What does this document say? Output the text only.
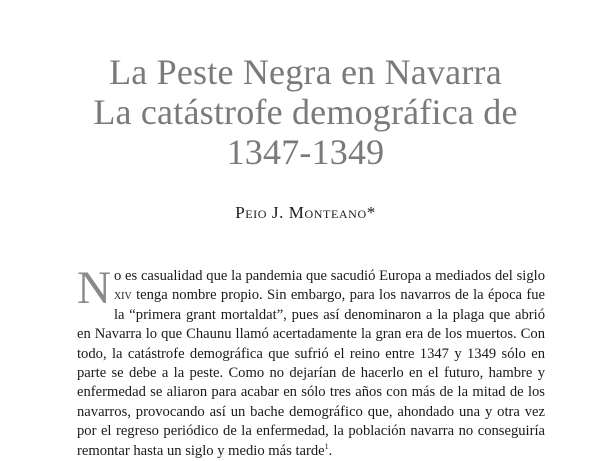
La Peste Negra en Navarra
La catástrofe demográfica de
1347-1349
Peio J. Monteano*
No es casualidad que la pandemia que sacudió Europa a mediados del siglo xiv tenga nombre propio. Sin embargo, para los navarros de la época fue la “primera grant mortaldat”, pues así denominaron a la plaga que abrió en Navarra lo que Chaunu llamó acertadamente la gran era de los muertos. Con todo, la catástrofe demográfica que sufrió el reino entre 1347 y 1349 sólo en parte se debe a la peste. Como no dejarían de hacerlo en el futuro, hambre y enfermedad se aliaron para acabar en sólo tres años con más de la mitad de los navarros, provocando así un bache demográfico que, ahondado una y otra vez por el regreso periódico de la enfermedad, la población navarra no conseguiría remontar hasta un siglo y medio más tarde$^1$.
